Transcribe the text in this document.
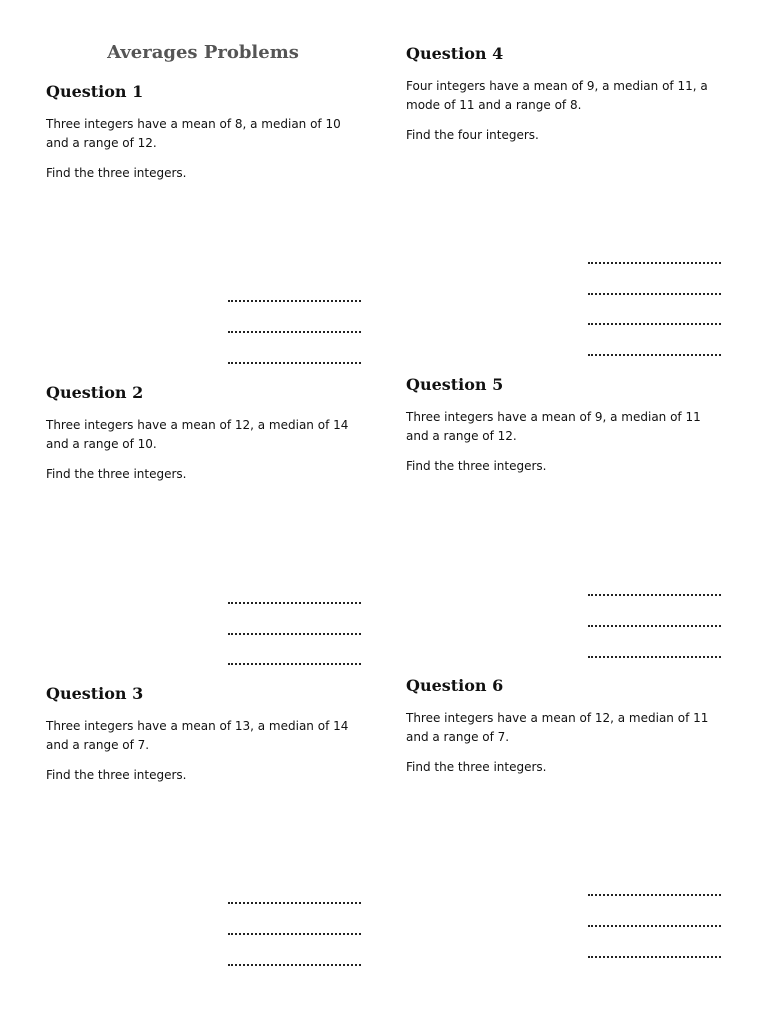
Averages Problems
Question 1

Three integers have a mean of 8, a median of 10 and a range of 12.

Find the three integers.

Question 2

Three integers have a mean of 12, a median of 14 and a range of 10.

Find the three integers.

Question 3

Three integers have a mean of 13, a median of 14 and a range of 7.

Find the three integers.

Question 4

Four integers have a mean of 9, a median of 11, a mode of 11 and a range of 8.

Find the four integers.

Question 5

Three integers have a mean of 9, a median of 11 and a range of 12.

Find the three integers.

Question 6

Three integers have a mean of 12, a median of 11 and a range of 7.

Find the three integers.
